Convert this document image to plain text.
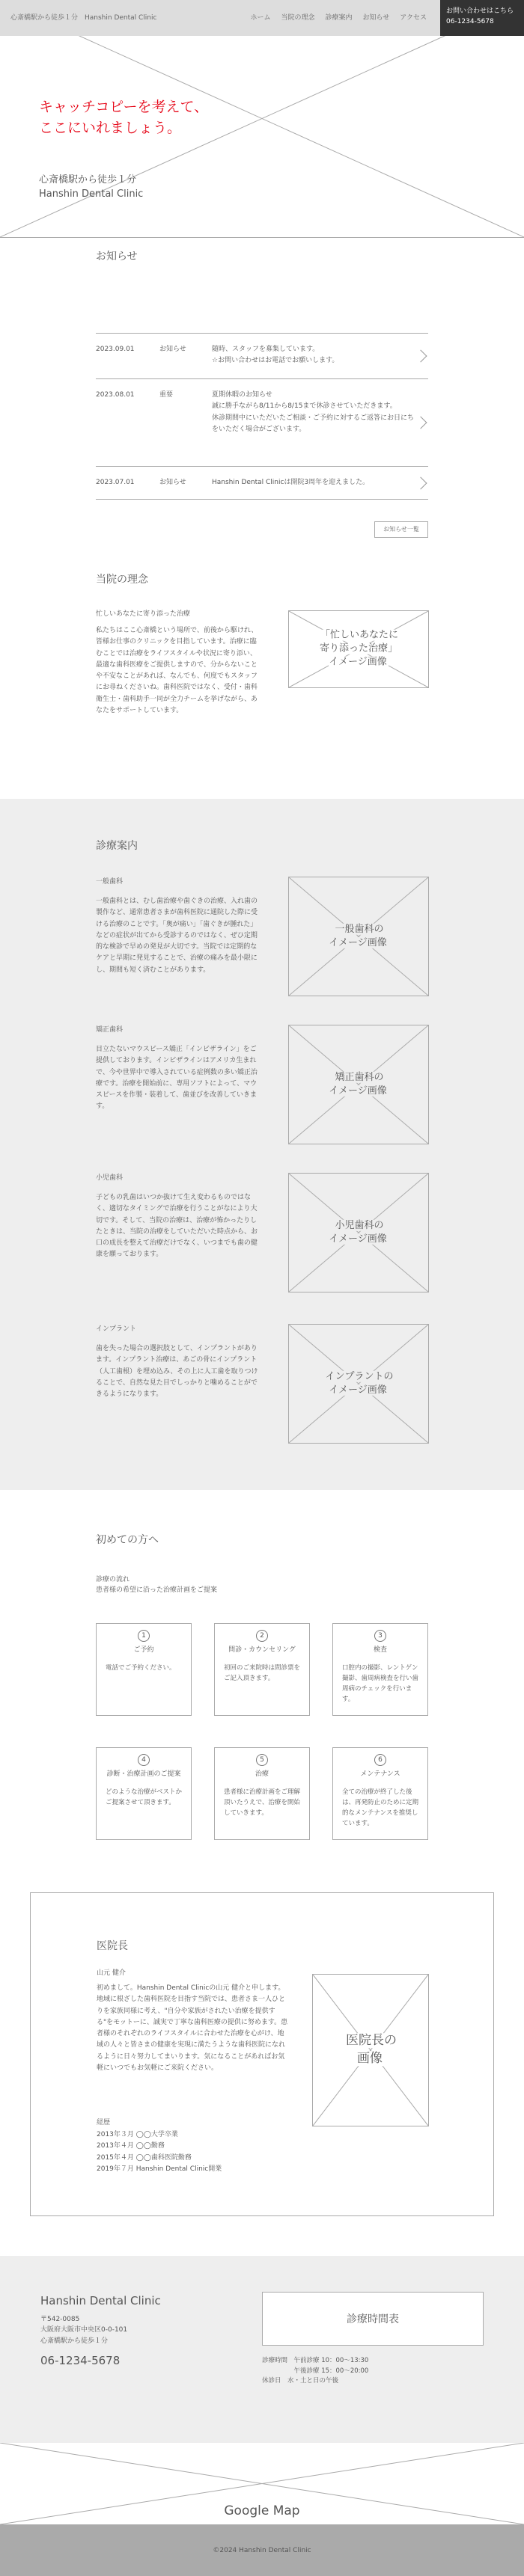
キャッチコピーを考えて、
ここにいれましょう。
心斎橋駅から徒歩１分
Hanshin Dental Clinic
心斎橋駅から徒歩１分　Hanshin Dental Clinic	ホーム 当院の理念 診療案内 お知らせ アクセス
お問い合わせはこちら
06-1234-5678
お知らせ
2023.09.01	お知らせ	随時、スタッフを募集しています。
☆お問い合わせはお電話でお願いします。
2023.08.01	重要	夏期休暇のお知らせ
誠に勝手ながら8/11から8/15まで休診させていただきます。
休診期間中にいただいたご相談・ご予約に対するご返答にお日にちをいただく場合がございます。
2023.07.01	お知らせ	Hanshin Dental Clinicは開院3周年を迎えました。
お知らせ一覧
当院の理念
忙しいあなたに寄り添った治療
私たちはここ心斎橋という場所で、前後から駆けれ、皆様お仕事のクリニックを目指しています。治療に臨むことでは治療をライフスタイルや状況に寄り添い、最適な歯科医療をご提供しますので、分からないことや不安なことがあれば、なんでも、何度でもスタッフにお尋ねくださいね。歯科医院ではなく、受付・歯科衛生士・歯科助手一同が全力チームを挙げながら、あなたをサポートしています。
「忙しいあなたに
寄り添った治療」
イメージ画像
診療案内
一般歯科
一般歯科とは、むし歯治療や歯ぐきの治療、入れ歯の製作など、通常患者さまが歯科医院に通院した際に受ける治療のことです。「奥が痛い」「歯ぐきが腫れた」などの症状が出てから受診するのではなく、ぜひ定期的な検診で早めの発見が大切です。当院では定期的なケアと早期に発見することで、治療の痛みを最小限にし、期間も短く済むことがあります。
一般歯科の
イメージ画像
矯正歯科
目立たないマウスピース矯正「インビザライン」をご提供しております。インビザラインはアメリカ生まれで、今や世界中で導入されている症例数の多い矯正治療です。治療を開始前に、専用ソフトによって、マウスピースを作製・装着して、歯並びを改善していきます。
矯正歯科の
イメージ画像
小児歯科
子どもの乳歯はいつか抜けて生え変わるものではなく、適切なタイミングで治療を行うことがなにより大切です。そして、当院の治療は、治療が怖かったりしたときは、当院の治療をしていただいた時点から、お口の成長を整えて治療だけでなく、いつまでも歯の健康を願っております。
小児歯科の
イメージ画像
インプラント
歯を失った場合の選択肢として、インプラントがあります。インプラント治療は、あごの骨にインプラント（人工歯根）を埋め込み、その上に人工歯を取りつけることで、自然な見た目でしっかりと噛めることができるようになります。
インプラントの
イメージ画像
初めての方へ
診療の流れ
患者様の希望に沿った治療計画をご提案
1
ご予約
電話でご予約ください。
2
問診・カウンセリング
初回のご来院時は問診票をご記入頂きます。
3
検査
口腔内の撮影、レントゲン撮影、歯周病検査を行い歯周病のチェックを行います。
4
診断・治療計画のご提案
どのような治療がベストかご提案させて頂きます。
5
治療
患者様に治療計画をご理解頂いたうえで、治療を開始していきます。
6
メンテナンス
全ての治療が終了した後は、再発防止のために定期的なメンテナンスを推奨しています。
医院長
山元 健介
初めまして。Hanshin Dental Clinicの山元 健介と申します。地域に根ざした歯科医院を目指す当院では、患者さま一人ひとりを家族同様に考え、"自分や家族がされたい治療を提供する"をモットーに、誠実で丁寧な歯科医療の提供に努めます。患者様のそれぞれのライフスタイルに合わせた治療を心がけ、地域の人々と皆さまの健康を実現に満たうような歯科医院になれるように日々努力してまいります。気になることがあればお気軽にいつでもお気軽にご来院ください。
経歴
2013年３月 ◯◯大学卒業
2013年４月 ◯◯勤務
2015年４月 ◯◯歯科医院勤務
2019年７月 Hanshin Dental Clinic開業
医院長の
画像
Hanshin Dental Clinic
〒542-0085
大阪府大阪市中央区0-0-101
心斎橋駅から徒歩１分
06-1234-5678
診療時間表
診療時間　午前診療 10：00～13:30
　　　　　午後診療 15：00～20:00
休診日　水・土と日の午後
Google Map
©2024 Hanshin Dental Clinic
